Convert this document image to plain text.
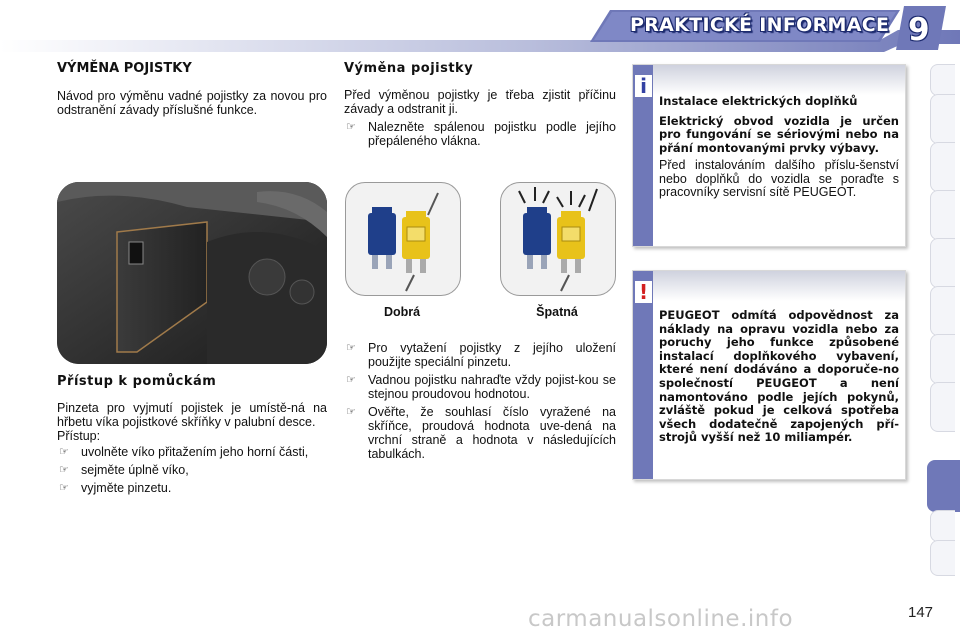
PRAKTICKÉ INFORMACE 9
VÝMĚNA POJISTKY

Návod pro výměnu vadné pojistky za novou pro odstranění závady příslušné funkce.

Přístup k pomůckám

Pinzeta pro vyjmutí pojistek je umístě-ná na hřbetu víka pojistkové skříňky v palubní desce.

Přístup:

☞ uvolněte víko přitažením jeho horní části,
☞ sejměte úplně víko,
☞ vyjměte pinzetu.
Výměna pojistky

Před výměnou pojistky je třeba zjistit příčinu závady a odstranit ji.

☞ Nalezněte spálenou pojistku podle jejího přepáleného vlákna.
Dobrá	Špatná
☞ Pro vytažení pojistky z jejího uložení použijte speciální pinzetu.
☞ Vadnou pojistku nahraďte vždy pojist-kou se stejnou proudovou hodnotou.
☞ Ověřte, že souhlasí číslo vyražené na skříňce, proudová hodnota uve-dená na vrchní straně a hodnota v následujících tabulkách.
i

Instalace elektrických doplňků

Elektrický obvod vozidla je určen pro fungování se sériovými nebo na přání montovanými prvky výbavy.

Před instalováním dalšího příslu-šenství nebo doplňků do vozidla se poraďte s pracovníky servisní sítě PEUGEOT.

!

PEUGEOT odmítá odpovědnost za náklady na opravu vozidla nebo za poruchy jeho funkce způsobené instalací doplňkového vybavení, které není dodáváno a doporuče-no společností PEUGEOT a není namontováno podle jejích pokynů, zvláště pokud je celková spotřeba všech dodatečně zapojených pří-strojů vyšší než 10 miliampér.

carmanualsonline.info	147
